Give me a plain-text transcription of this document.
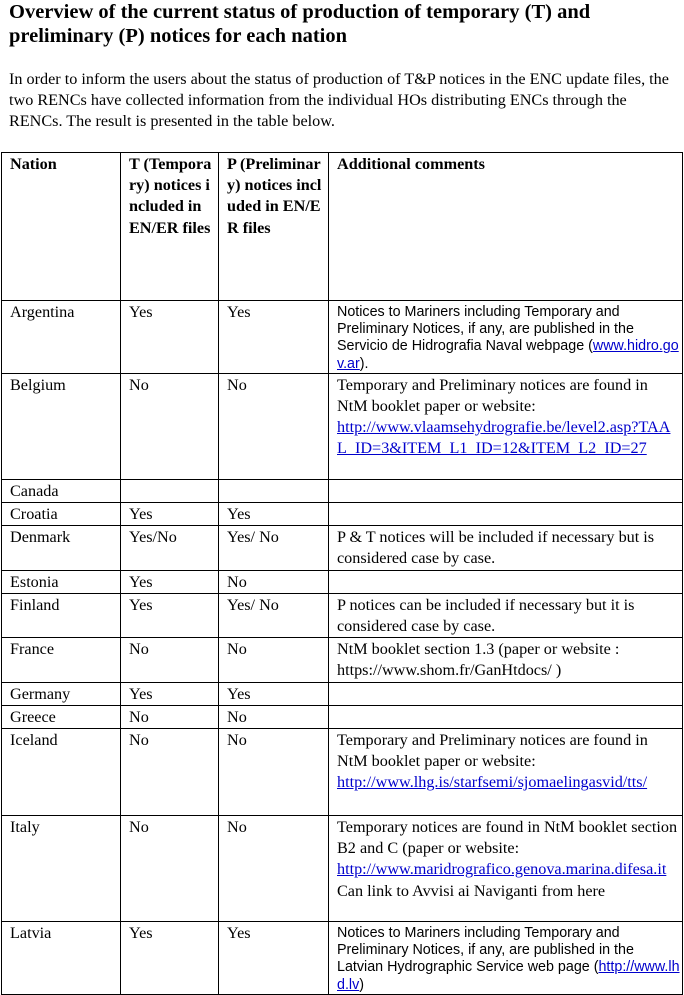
Overview of the current status of production of temporary (T) and preliminary (P) notices for each nation
In order to inform the users about the status of production of T&P notices in the ENC update files, the two RENCs have collected information from the individual HOs distributing ENCs through the RENCs. The result is presented in the table below.
Nation	T (Temporary) notices included in EN/ER files	P (Preliminary) notices included in EN/ER files	Additional comments
Argentina	Yes	Yes	Notices to Mariners including Temporary and Preliminary Notices, if any, are published in the Servicio de Hidrografia Naval webpage (www.hidro.gov.ar).
Belgium	No	No	Temporary and Preliminary notices are found in NtM booklet paper or website:
http://www.vlaamsehydrografie.be/level2.asp?TAAL_ID=3&ITEM_L1_ID=12&ITEM_L2_ID=27
Canada			
Croatia	Yes	Yes	
Denmark	Yes/No	Yes/ No	P & T notices will be included if necessary but is considered case by case.
Estonia	Yes	No	
Finland	Yes	Yes/ No	P notices can be included if necessary but it is considered case by case.
France	No	No	NtM booklet section 1.3 (paper or website : https://www.shom.fr/GanHtdocs/ )
Germany	Yes	Yes	
Greece	No	No	
Iceland	No	No	Temporary and Preliminary notices are found in NtM booklet paper or website:
http://www.lhg.is/starfsemi/sjomaelingasvid/tts/
Italy	No	No	Temporary notices are found in NtM booklet section B2 and C (paper or website:
http://www.maridrografico.genova.marina.difesa.it
Can link to Avvisi ai Naviganti from here
Latvia	Yes	Yes	Notices to Mariners including Temporary and Preliminary Notices, if any, are published in the Latvian Hydrographic Service web page (http://www.lhd.lv)
